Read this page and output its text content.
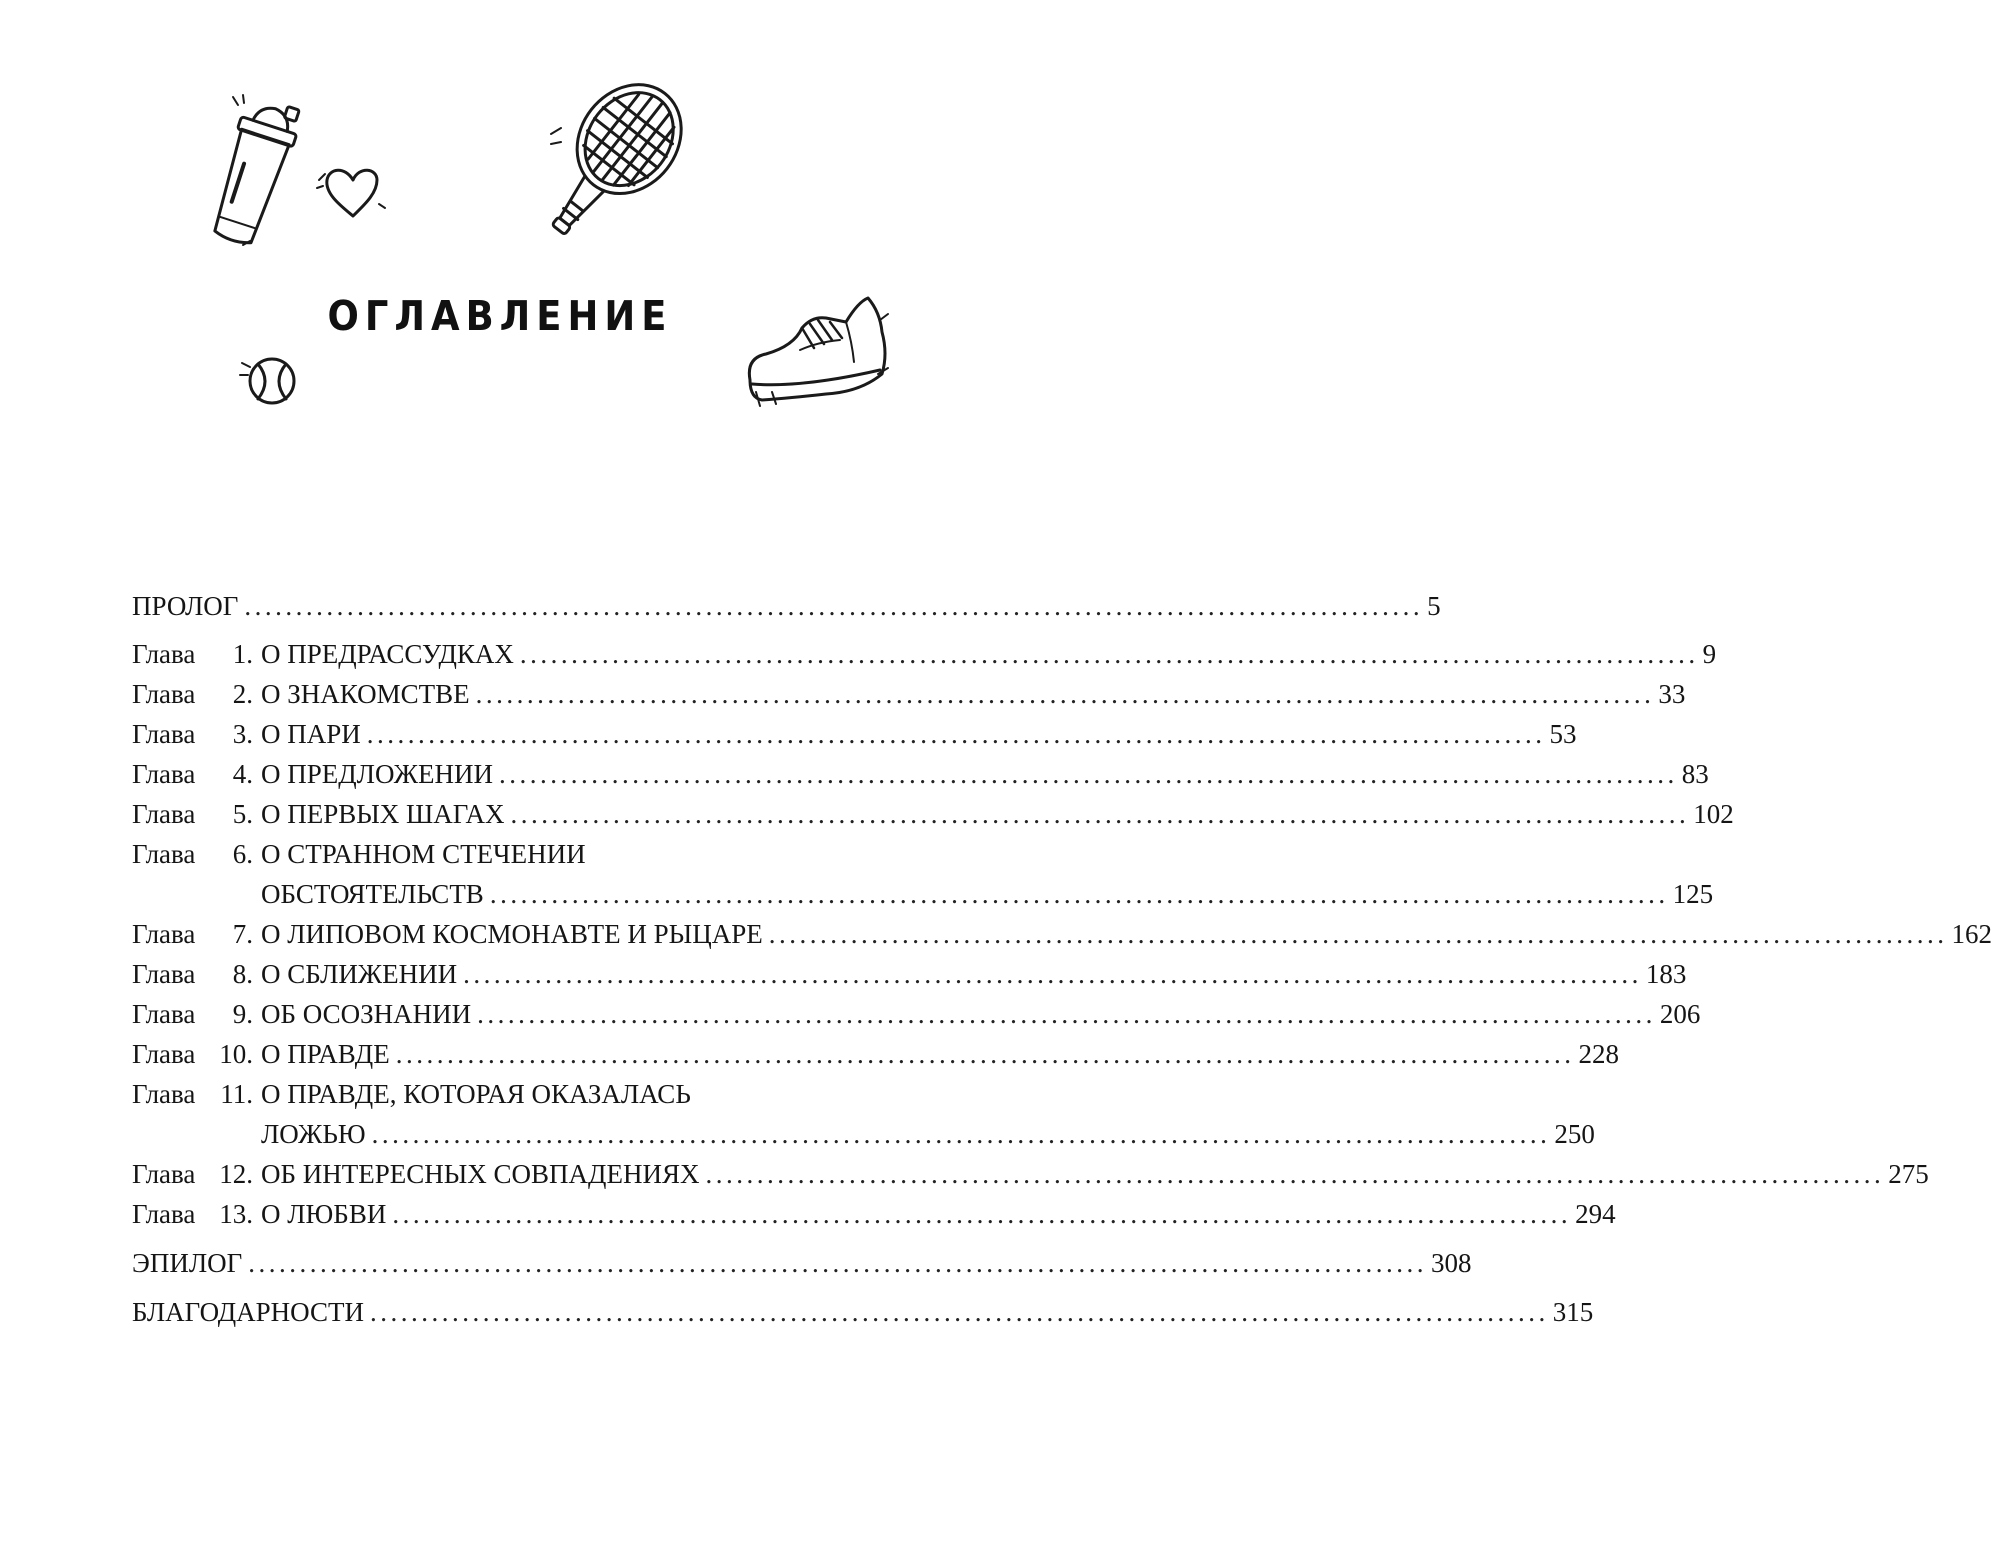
ОГЛАВЛЕНИЕ
ПРОЛОГ ................................................................................................................... 5
Глава	1. О ПРЕДРАССУДКАХ ................................................................................................................... 9
Глава	2. О ЗНАКОМСТВЕ ................................................................................................................... 33
Глава	3. О ПАРИ ................................................................................................................... 53
Глава	4. О ПРЕДЛОЖЕНИИ ................................................................................................................... 83
Глава	5. О ПЕРВЫХ ШАГАХ ................................................................................................................... 102
Глава	6. О СТРАННОМ СТЕЧЕНИИ
ОБСТОЯТЕЛЬСТВ ................................................................................................................... 125
Глава	7. О ЛИПОВОМ КОСМОНАВТЕ И РЫЦАРЕ ................................................................................................................... 162
Глава	8. О СБЛИЖЕНИИ ................................................................................................................... 183
Глава	9. ОБ ОСОЗНАНИИ ................................................................................................................... 206
Глава 10. О ПРАВДЕ ................................................................................................................... 228
Глава 11. О ПРАВДЕ, КОТОРАЯ ОКАЗАЛАСЬ
ЛОЖЬЮ ................................................................................................................... 250
Глава 12. ОБ ИНТЕРЕСНЫХ СОВПАДЕНИЯХ ................................................................................................................... 275
Глава 13. О ЛЮБВИ ................................................................................................................... 294
ЭПИЛОГ ................................................................................................................... 308
БЛАГОДАРНОСТИ ................................................................................................................... 315
